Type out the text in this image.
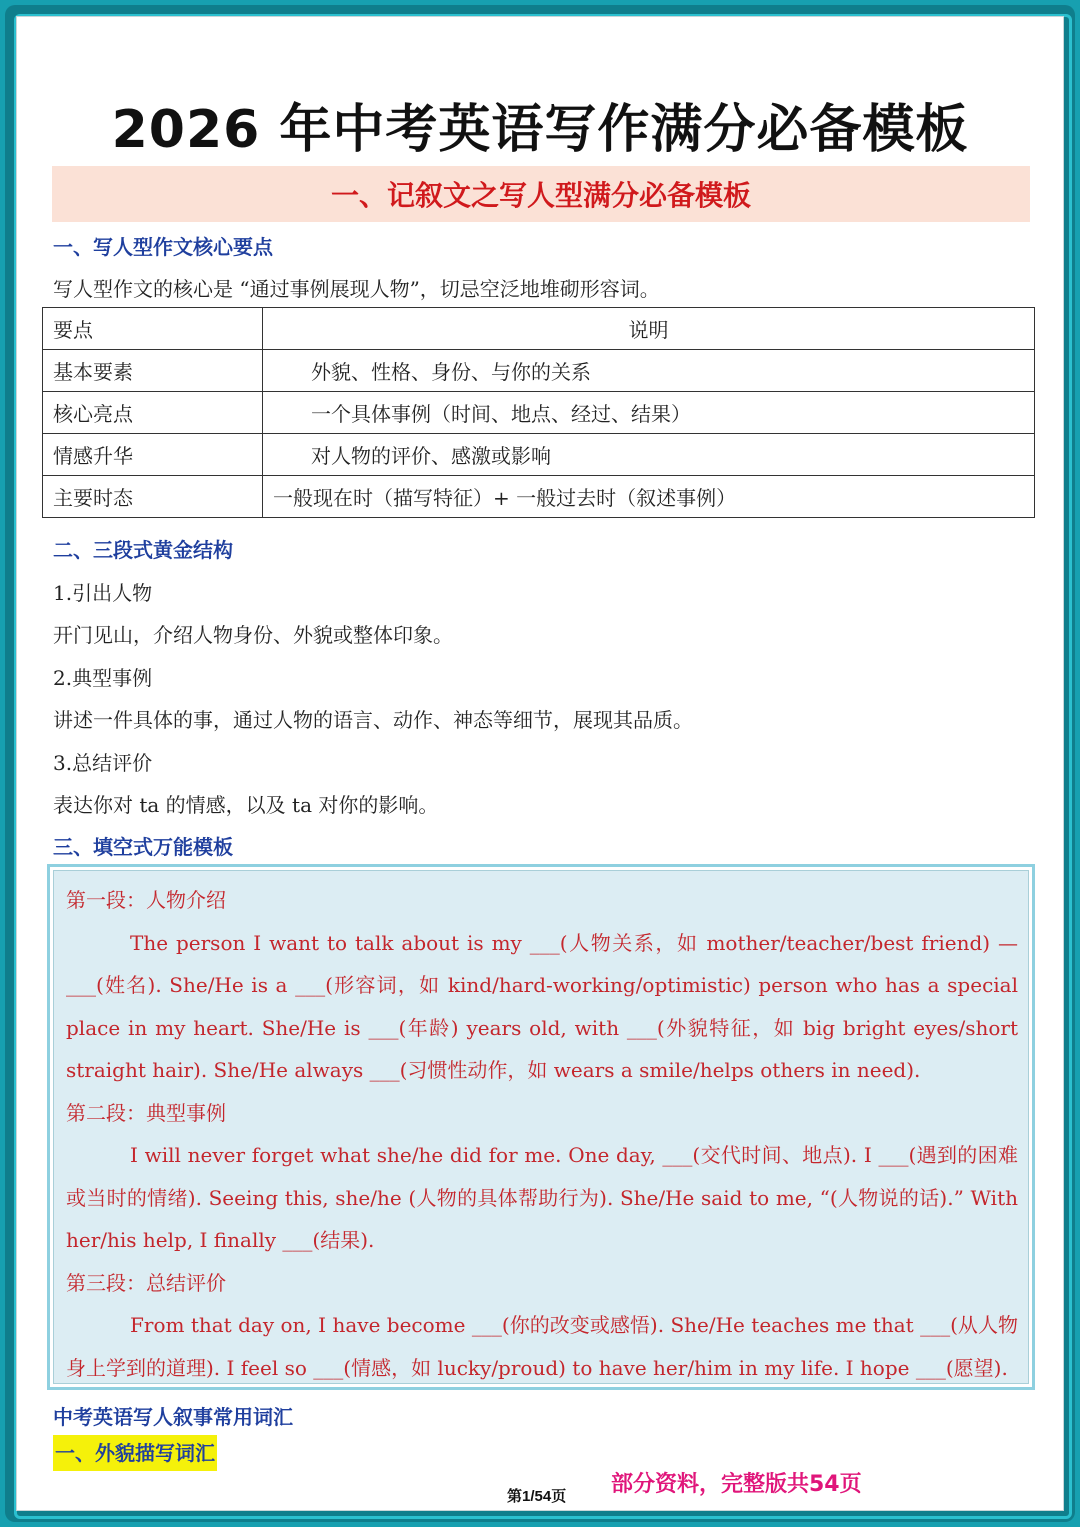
2026 年中考英语写作满分必备模板
一、记叙文之写人型满分必备模板
一、写人型作文核心要点
写人型作文的核心是 “通过事例展现人物”，切忌空泛地堆砌形容词。
要点	说明
基本要素	外貌、性格、身份、与你的关系
核心亮点	一个具体事例（时间、地点、经过、结果）
情感升华	对人物的评价、感激或影响
主要时态	一般现在时（描写特征）+ 一般过去时（叙述事例）
二、三段式黄金结构
1.引出人物
开门见山，介绍人物身份、外貌或整体印象。
2.典型事例
讲述一件具体的事，通过人物的语言、动作、神态等细节，展现其品质。
3.总结评价
表达你对 ta 的情感，以及 ta 对你的影响。
三、填空式万能模板

第一段：人物介绍

The person I want to talk about is my ___(人物关系，如 mother/teacher/best friend) — ___(姓名). She/He is a ___(形容词，如 kind/hard-working/optimistic) person who has a special place in my heart. She/He is ___(年龄) years old, with ___(外貌特征，如 big bright eyes/short straight hair). She/He always ___(习惯性动作，如 wears a smile/helps others in need).

第二段：典型事例

I will never forget what she/he did for me. One day, ___(交代时间、地点). I ___(遇到的困难或当时的情绪). Seeing this, she/he (人物的具体帮助行为). She/He said to me, “(人物说的话).” With her/his help, I finally ___(结果).

第三段：总结评价

From that day on, I have become ___(你的改变或感悟). She/He teaches me that ___(从人物身上学到的道理). I feel so ___(情感，如 lucky/proud) to have her/him in my life. I hope ___(愿望).

中考英语写人叙事常用词汇
一、外貌描写词汇
第1/54页 部分资料，完整版共54页
